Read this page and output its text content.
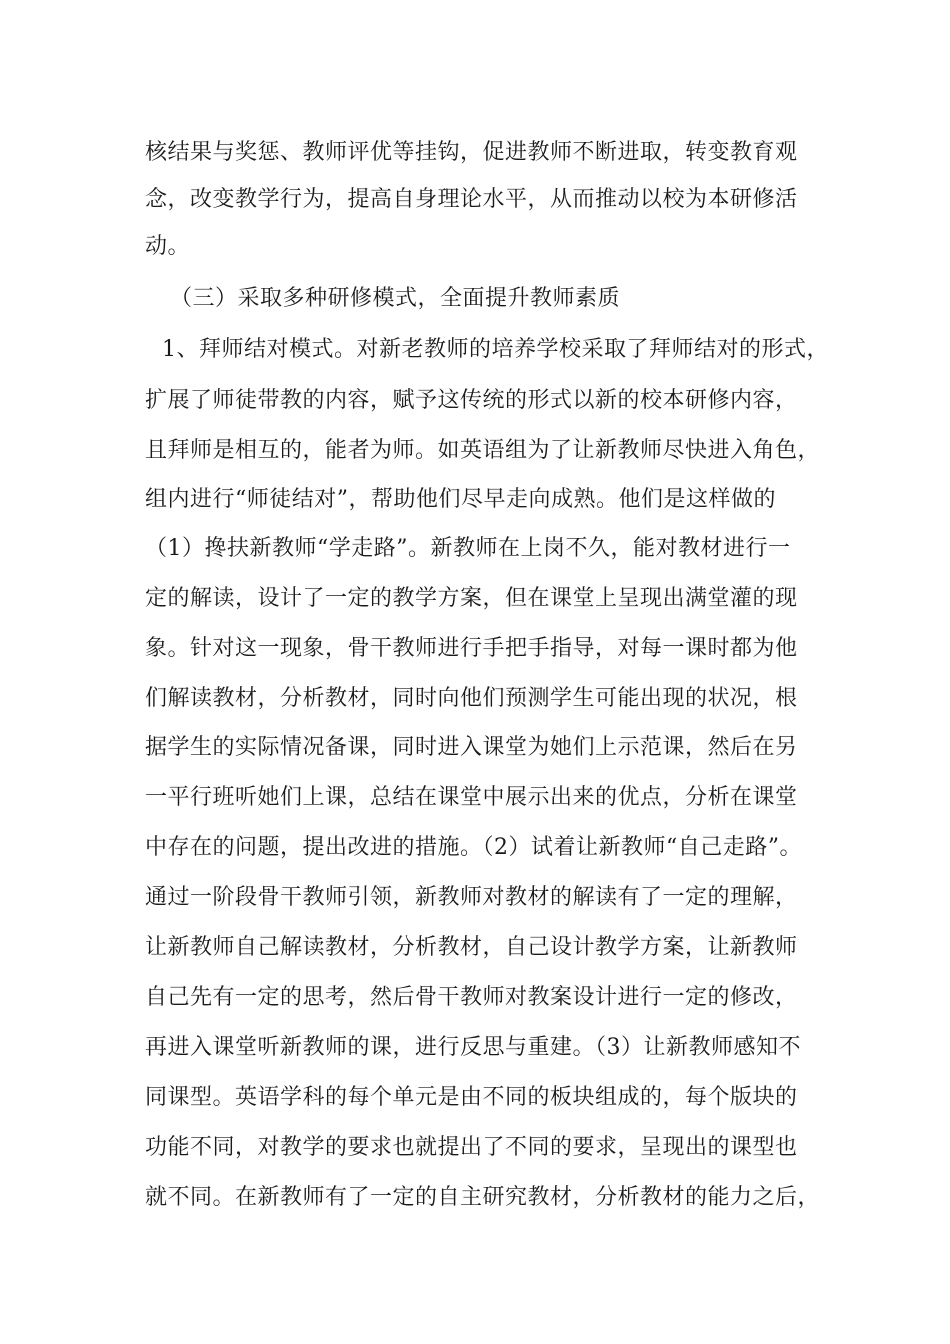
核结果与奖惩、教师评优等挂钩，促进教师不断进取，转变教育观
念，改变教学行为，提高自身理论水平，从而推动以校为本研修活
动。
（三）采取多种研修模式，全面提升教师素质
1、拜师结对模式。对新老教师的培养学校采取了拜师结对的形式，
扩展了师徒带教的内容，赋予这传统的形式以新的校本研修内容，
且拜师是相互的，能者为师。如英语组为了让新教师尽快进入角色，
组内进行“师徒结对”，帮助他们尽早走向成熟。他们是这样做的
（1）搀扶新教师“学走路”。新教师在上岗不久，能对教材进行一
定的解读，设计了一定的教学方案，但在课堂上呈现出满堂灌的现
象。针对这一现象，骨干教师进行手把手指导，对每一课时都为他
们解读教材，分析教材，同时向他们预测学生可能出现的状况，根
据学生的实际情况备课，同时进入课堂为她们上示范课，然后在另
一平行班听她们上课，总结在课堂中展示出来的优点，分析在课堂
中存在的问题，提出改进的措施。（2）试着让新教师“自己走路”。
通过一阶段骨干教师引领，新教师对教材的解读有了一定的理解，
让新教师自己解读教材，分析教材，自己设计教学方案，让新教师
自己先有一定的思考，然后骨干教师对教案设计进行一定的修改，
再进入课堂听新教师的课，进行反思与重建。（3）让新教师感知不
同课型。英语学科的每个单元是由不同的板块组成的，每个版块的
功能不同，对教学的要求也就提出了不同的要求，呈现出的课型也
就不同。在新教师有了一定的自主研究教材，分析教材的能力之后，
